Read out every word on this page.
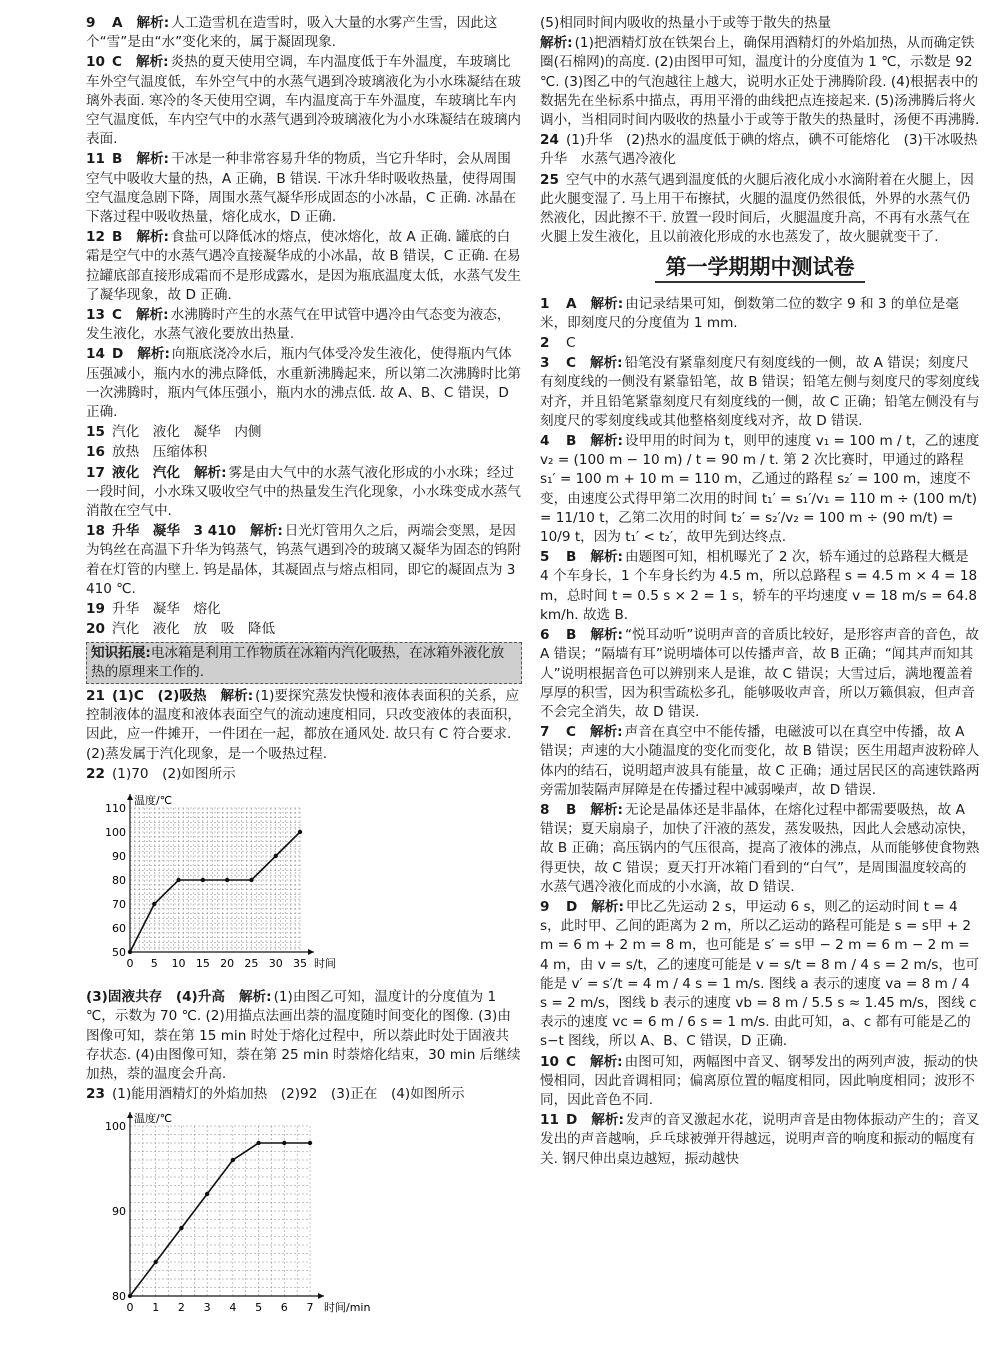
9 A 解析: 人工造雪机在造雪时，吸入大量的水雾产生雪，因此这个“雪”是由“水”变化来的，属于凝固现象.
10 C 解析: 炎热的夏天使用空调，车内温度低于车外温度，车玻璃比车外空气温度低，车外空气中的水蒸气遇到冷玻璃液化为小水珠凝结在玻璃外表面. 寒冷的冬天使用空调，车内温度高于车外温度，车玻璃比车内空气温度低，车内空气中的水蒸气遇到冷玻璃液化为小水珠凝结在玻璃内表面.
11 B 解析: 干冰是一种非常容易升华的物质，当它升华时，会从周围空气中吸收大量的热，A 正确，B 错误. 干冰升华时吸收热量，使得周围空气温度急剧下降，周围水蒸气凝华形成固态的小冰晶，C 正确. 冰晶在下落过程中吸收热量，熔化成水，D 正确.
12 B 解析: 食盐可以降低冰的熔点，使冰熔化，故 A 正确. 罐底的白霜是空气中的水蒸气遇冷直接凝华成的小冰晶，故 B 错误，C 正确. 在易拉罐底部直接形成霜而不是形成露水，是因为瓶底温度太低，水蒸气发生了凝华现象，故 D 正确.
13 C 解析: 水沸腾时产生的水蒸气在甲试管中遇冷由气态变为液态，发生液化，水蒸气液化要放出热量.
14 D 解析: 向瓶底浇冷水后，瓶内气体受冷发生液化，使得瓶内气体压强减小，瓶内水的沸点降低，水重新沸腾起来，所以第二次沸腾时比第一次沸腾时，瓶内气体压强小，瓶内水的沸点低. 故 A、B、C 错误，D 正确.
15 汽化　液化　凝华　内侧
16 放热　压缩体积
17 液化　汽化 解析: 雾是由大气中的水蒸气液化形成的小水珠；经过一段时间，小水珠又吸收空气中的热量发生汽化现象，小水珠变成水蒸气消散在空气中.
18 升华　凝华　3 410 解析: 日光灯管用久之后，两端会变黑，是因为钨丝在高温下升华为钨蒸气，钨蒸气遇到冷的玻璃又凝华为固态的钨附着在灯管的内壁上. 钨是晶体，其凝固点与熔点相同，即它的凝固点为 3 410 ℃.
19 升华　凝华　熔化
20 汽化　液化　放　吸　降低
知识拓展:电冰箱是利用工作物质在冰箱内汽化吸热，在冰箱外液化放热的原理来工作的.
21 (1)C　(2)吸热 解析: (1)要探究蒸发快慢和液体表面积的关系，应控制液体的温度和液体表面空气的流动速度相同，只改变液体的表面积，因此，应一件摊开，一件团在一起，都放在通风处. 故只有 C 符合要求. (2)蒸发属于汽化现象，是一个吸热过程.
22 (1)70　(2)如图所示
0 5 10 15 20 25 30 35
50
60
70
80
90
100
110
温度/℃
时间
(3)固液共存　(4)升高 解析: (1)由图乙可知，温度计的分度值为 1 ℃，示数为 70 ℃. (2)用描点法画出萘的温度随时间变化的图像. (3)由图像可知，萘在第 15 min 时处于熔化过程中，所以萘此时处于固液共存状态. (4)由图像可知，萘在第 25 min 时萘熔化结束，30 min 后继续加热，萘的温度会升高.
23 (1)能用酒精灯的外焰加热　(2)92　(3)正在　(4)如图所示
0 1 2 3 4 5 6 7
80
90
100
温度/℃
时间/min
(5)相同时间内吸收的热量小于或等于散失的热量
解析: (1)把酒精灯放在铁架台上，确保用酒精灯的外焰加热，从而确定铁圈(石棉网)的高度. (2)由图甲可知，温度计的分度值为 1 ℃，示数是 92 ℃. (3)图乙中的气泡越往上越大，说明水正处于沸腾阶段. (4)根据表中的数据先在坐标系中描点，再用平滑的曲线把点连接起来. (5)汤沸腾后将火调小，当相同时间内吸收的热量小于或等于散失的热量时，汤便不再沸腾.
24 (1)升华　(2)热水的温度低于碘的熔点，碘不可能熔化　(3)干冰吸热升华　水蒸气遇冷液化
25 空气中的水蒸气遇到温度低的火腿后液化成小水滴附着在火腿上，因此火腿变湿了. 马上用干布擦拭，火腿的温度仍然很低，外界的水蒸气仍然液化，因此擦不干. 放置一段时间后，火腿温度升高，不再有水蒸气在火腿上发生液化，且以前液化形成的水也蒸发了，故火腿就变干了.
第一学期期中测试卷
1 A 解析: 由记录结果可知，倒数第二位的数字 9 和 3 的单位是毫米，即刻度尺的分度值为 1 mm.
2 C
3 C 解析: 铅笔没有紧靠刻度尺有刻度线的一侧，故 A 错误；刻度尺有刻度线的一侧没有紧靠铅笔，故 B 错误；铅笔左侧与刻度尺的零刻度线对齐，并且铅笔紧靠刻度尺有刻度线的一侧，故 C 正确；铅笔左侧没有与刻度尺的零刻度线或其他整格刻度线对齐，故 D 错误.
4 B 解析: 设甲用的时间为 t，则甲的速度 v₁ = 100 m / t，乙的速度 v₂ = (100 m − 10 m) / t = 90 m / t. 第 2 次比赛时，甲通过的路程 s₁′ = 100 m + 10 m = 110 m，乙通过的路程 s₂′ = 100 m，速度不变，由速度公式得甲第二次用的时间 t₁′ = s₁′/v₁ = 110 m ÷ (100 m/t) = 11/10 t，乙第二次用的时间 t₂′ = s₂′/v₂ = 100 m ÷ (90 m/t) = 10/9 t，因为 t₁′ < t₂′，故甲先到达终点.
5 B 解析: 由题图可知，相机曝光了 2 次，轿车通过的总路程大概是 4 个车身长，1 个车身长约为 4.5 m，所以总路程 s = 4.5 m × 4 = 18 m，总时间 t = 0.5 s × 2 = 1 s，轿车的平均速度 v = 18 m/s = 64.8 km/h. 故选 B.
6 B 解析: “悦耳动听”说明声音的音质比较好，是形容声音的音色，故 A 错误；“隔墙有耳”说明墙体可以传播声音，故 B 正确；“闻其声而知其人”说明根据音色可以辨别来人是谁，故 C 错误；大雪过后，满地覆盖着厚厚的积雪，因为积雪疏松多孔，能够吸收声音，所以万籁俱寂，但声音不会完全消失，故 D 错误.
7 C 解析: 声音在真空中不能传播，电磁波可以在真空中传播，故 A 错误；声速的大小随温度的变化而变化，故 B 错误；医生用超声波粉碎人体内的结石，说明超声波具有能量，故 C 正确；通过居民区的高速铁路两旁需加装隔声屏障是在传播过程中减弱噪声，故 D 错误.
8 B 解析: 无论是晶体还是非晶体，在熔化过程中都需要吸热，故 A 错误；夏天扇扇子，加快了汗液的蒸发，蒸发吸热，因此人会感动凉快，故 B 正确；高压锅内的气压很高，提高了液体的沸点，从而能够使食物熟得更快，故 C 错误；夏天打开冰箱门看到的“白气”，是周围温度较高的水蒸气遇冷液化而成的小水滴，故 D 错误.
9 D 解析: 甲比乙先运动 2 s，甲运动 6 s，则乙的运动时间 t = 4 s，此时甲、乙间的距离为 2 m，所以乙运动的路程可能是 s = s甲 + 2 m = 6 m + 2 m = 8 m，也可能是 s′ = s甲 − 2 m = 6 m − 2 m = 4 m，由 v = s/t，乙的速度可能是 v = s/t = 8 m / 4 s = 2 m/s，也可能是 v′ = s′/t = 4 m / 4 s = 1 m/s. 图线 a 表示的速度 va = 8 m / 4 s = 2 m/s，图线 b 表示的速度 vb = 8 m / 5.5 s ≈ 1.45 m/s，图线 c 表示的速度 vc = 6 m / 6 s = 1 m/s. 由此可知，a、c 都有可能是乙的 s−t 图线，所以 A、B、C 错误，D 正确.
10 C 解析: 由图可知，两幅图中音叉、钢琴发出的两列声波，振动的快慢相同，因此音调相同；偏离原位置的幅度相同，因此响度相同；波形不同，因此音色不同.
11 D 解析: 发声的音叉激起水花，说明声音是由物体振动产生的；音叉发出的声音越响，乒乓球被弹开得越远，说明声音的响度和振动的幅度有关. 钢尺伸出桌边越短，振动越快
